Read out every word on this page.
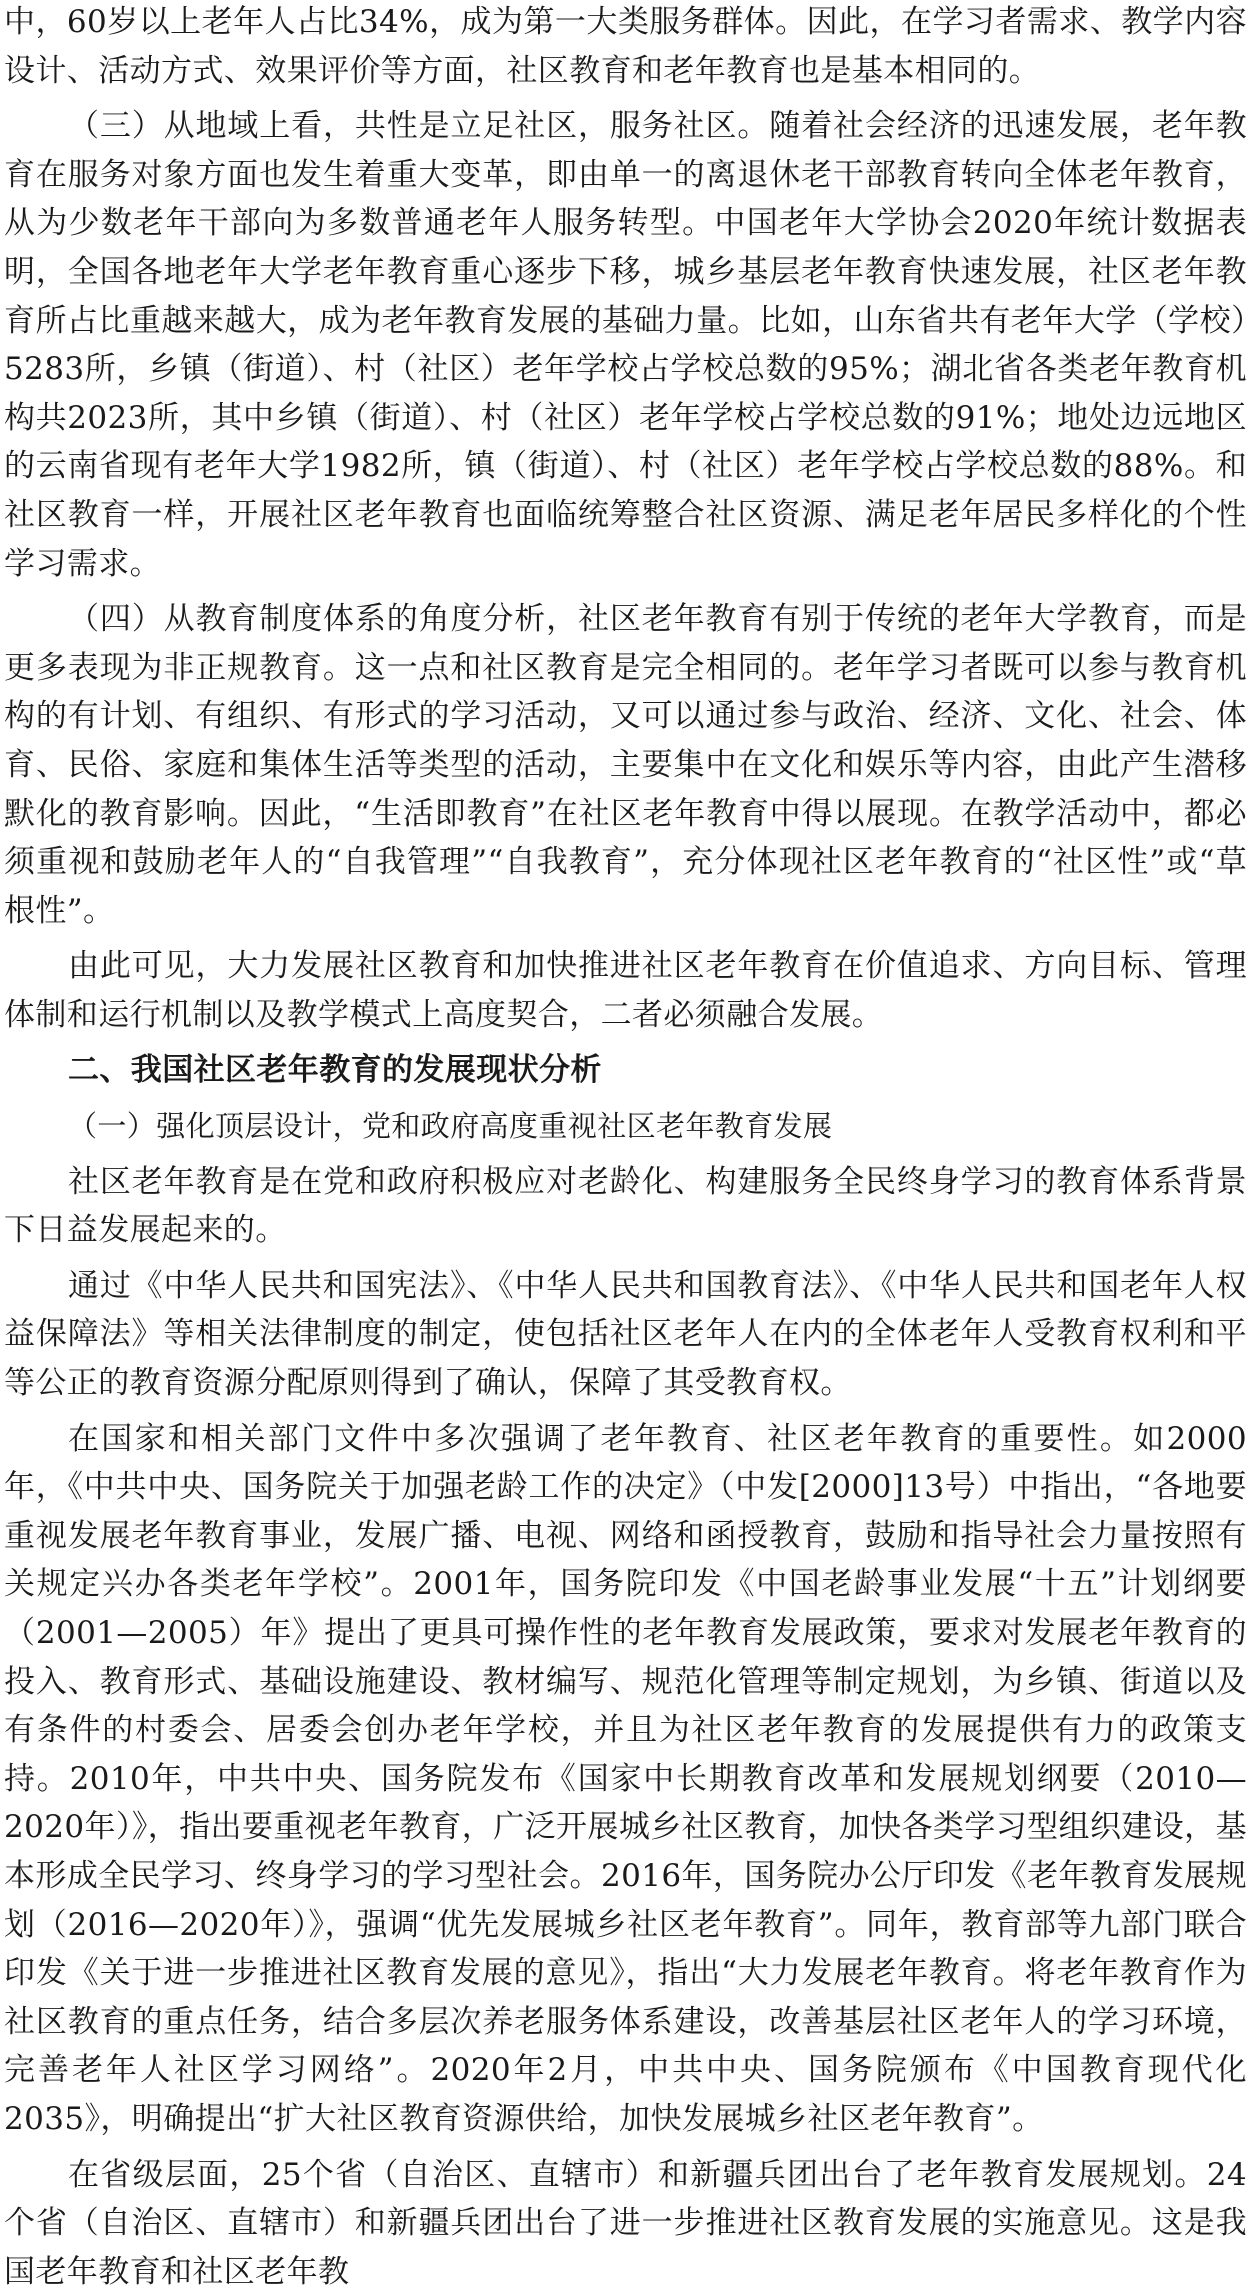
中，60岁以上老年人占比34%，成为第一大类服务群体。因此，在学习者需求、教学内容设计、活动方式、效果评价等方面，社区教育和老年教育也是基本相同的。

（三）从地域上看，共性是立足社区，服务社区。随着社会经济的迅速发展，老年教育在服务对象方面也发生着重大变革，即由单一的离退休老干部教育转向全体老年教育，从为少数老年干部向为多数普通老年人服务转型。中国老年大学协会2020年统计数据表明，全国各地老年大学老年教育重心逐步下移，城乡基层老年教育快速发展，社区老年教育所占比重越来越大，成为老年教育发展的基础力量。比如，山东省共有老年大学（学校）5283所，乡镇（街道）、村（社区）老年学校占学校总数的95%；湖北省各类老年教育机构共2023所，其中乡镇（街道）、村（社区）老年学校占学校总数的91%；地处边远地区的云南省现有老年大学1982所，镇（街道）、村（社区）老年学校占学校总数的88%。和社区教育一样，开展社区老年教育也面临统筹整合社区资源、满足老年居民多样化的个性学习需求。

（四）从教育制度体系的角度分析，社区老年教育有别于传统的老年大学教育，而是更多表现为非正规教育。这一点和社区教育是完全相同的。老年学习者既可以参与教育机构的有计划、有组织、有形式的学习活动，又可以通过参与政治、经济、文化、社会、体育、民俗、家庭和集体生活等类型的活动，主要集中在文化和娱乐等内容，由此产生潜移默化的教育影响。因此，“生活即教育”在社区老年教育中得以展现。在教学活动中，都必须重视和鼓励老年人的“自我管理”“自我教育”，充分体现社区老年教育的“社区性”或“草根性”。

由此可见，大力发展社区教育和加快推进社区老年教育在价值追求、方向目标、管理体制和运行机制以及教学模式上高度契合，二者必须融合发展。

二、我国社区老年教育的发展现状分析

（一）强化顶层设计，党和政府高度重视社区老年教育发展

社区老年教育是在党和政府积极应对老龄化、构建服务全民终身学习的教育体系背景下日益发展起来的。

通过《中华人民共和国宪法》、《中华人民共和国教育法》、《中华人民共和国老年人权益保障法》等相关法律制度的制定，使包括社区老年人在内的全体老年人受教育权利和平等公正的教育资源分配原则得到了确认，保障了其受教育权。

在国家和相关部门文件中多次强调了老年教育、社区老年教育的重要性。如2000年，《中共中央、国务院关于加强老龄工作的决定》（中发[2000]13号）中指出，“各地要重视发展老年教育事业，发展广播、电视、网络和函授教育，鼓励和指导社会力量按照有关规定兴办各类老年学校”。2001年，国务院印发《中国老龄事业发展“十五”计划纲要（2001—2005）年》提出了更具可操作性的老年教育发展政策，要求对发展老年教育的投入、教育形式、基础设施建设、教材编写、规范化管理等制定规划，为乡镇、街道以及有条件的村委会、居委会创办老年学校，并且为社区老年教育的发展提供有力的政策支持。2010年，中共中央、国务院发布《国家中长期教育改革和发展规划纲要（2010—2020年）》，指出要重视老年教育，广泛开展城乡社区教育，加快各类学习型组织建设，基本形成全民学习、终身学习的学习型社会。2016年，国务院办公厅印发《老年教育发展规划（2016—2020年）》，强调“优先发展城乡社区老年教育”。同年，教育部等九部门联合印发《关于进一步推进社区教育发展的意见》，指出“大力发展老年教育。将老年教育作为社区教育的重点任务，结合多层次养老服务体系建设，改善基层社区老年人的学习环境，完善老年人社区学习网络”。2020年2月，中共中央、国务院颁布《中国教育现代化2035》，明确提出“扩大社区教育资源供给，加快发展城乡社区老年教育”。

在省级层面，25个省（自治区、直辖市）和新疆兵团出台了老年教育发展规划。24个省（自治区、直辖市）和新疆兵团出台了进一步推进社区教育发展的实施意见。这是我国老年教育和社区老年教
